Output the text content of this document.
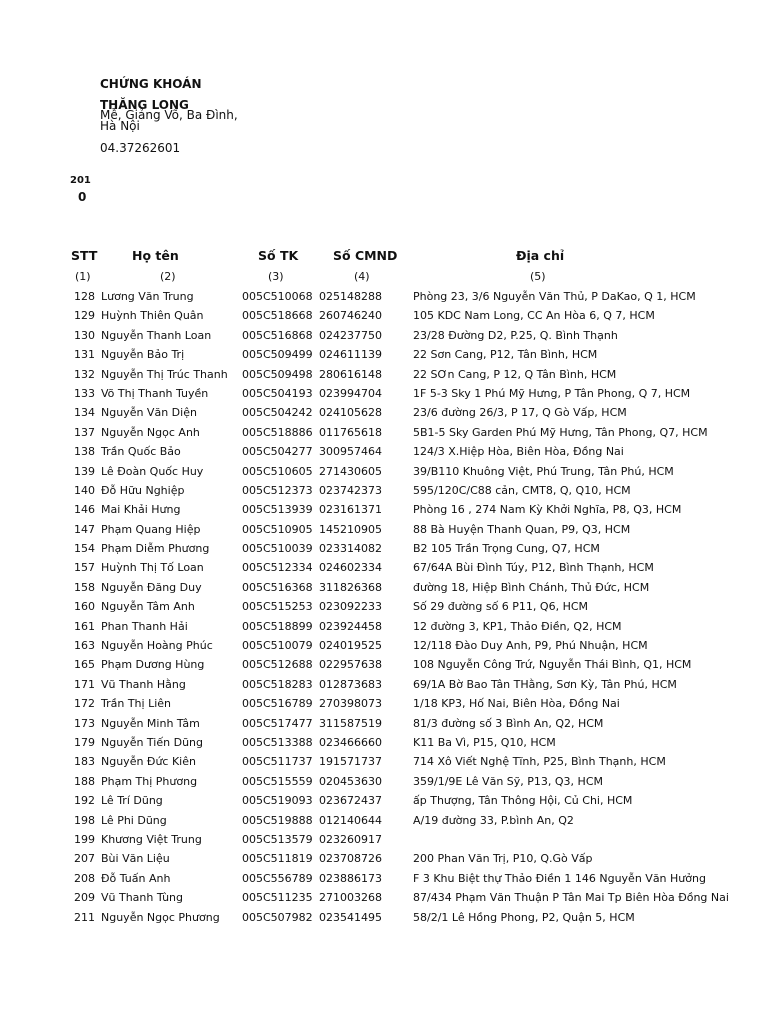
CHỨNG KHOÁN
THĂNG LONG
Mễ, Giảng Võ, Ba Đình,
Hà Nội
04.37262601
201
0
STT	Họ tên	Số TK	Số CMND	Địa chỉ
(1)	(2)	(3)	(4)	(5)
128 Lương Văn Trung	005C510068 025148288	Phòng 23, 3/6 Nguyễn Văn Thủ, P DaKao, Q 1, HCM
129 Huỳnh Thiên Quân	005C518668 260746240	105 KDC Nam Long, CC An Hòa 6, Q 7, HCM
130 Nguyễn Thanh Loan	005C516868 024237750	23/28 Đường D2, P.25, Q. Bình Thạnh
131 Nguyễn Bảo Trị	005C509499 024611139	22 Sơn Cang, P12, Tân Bình, HCM
132 Nguyễn Thị Trúc Thanh	005C509498 280616148	22 SƠn Cang, P 12, Q Tân Bình, HCM
133 Võ Thị Thanh Tuyền	005C504193 023994704	1F 5-3 Sky 1 Phú Mỹ Hưng, P Tân Phong, Q 7, HCM
134 Nguyễn Văn Diện	005C504242 024105628	23/6 đường 26/3, P 17, Q Gò Vấp, HCM
137 Nguyễn Ngọc Anh	005C518886 011765618	5B1-5 Sky Garden Phú Mỹ Hưng, Tân Phong, Q7, HCM
138 Trần Quốc Bảo	005C504277 300957464	124/3 X.Hiệp Hòa, Biên Hòa, Đồng Nai
139 Lê Đoàn Quốc Huy	005C510605 271430605	39/B110 Khuông Việt, Phú Trung, Tân Phú, HCM
140 Đỗ Hữu Nghiệp	005C512373 023742373	595/120C/C88 cản, CMT8, Q, Q10, HCM
146 Mai Khải Hưng	005C513939 023161371	Phòng 16 , 274 Nam Kỳ Khởi Nghĩa, P8, Q3, HCM
147 Phạm Quang Hiệp	005C510905 145210905	88 Bà Huyện Thanh Quan, P9, Q3, HCM
154 Phạm Diễm Phương	005C510039 023314082	B2 105 Trần Trọng Cung, Q7, HCM
157 Huỳnh Thị Tố Loan	005C512334 024602334	67/64A Bùi Đình Túy, P12, Bình Thạnh, HCM
158 Nguyễn Đăng Duy	005C516368 311826368	đường 18, Hiệp Bình Chánh, Thủ Đức, HCM
160 Nguyễn Tâm Anh	005C515253 023092233	Số 29 đường số 6 P11, Q6, HCM
161 Phan Thanh Hải	005C518899 023924458	12 đường 3, KP1, Thảo Điền, Q2, HCM
163 Nguyễn Hoàng Phúc	005C510079 024019525	12/118 Đào Duy Anh, P9, Phú Nhuận, HCM
165 Phạm Dương Hùng	005C512688 022957638	108 Nguyễn Công Trứ, Nguyễn Thái Bình, Q1, HCM
171 Vũ Thanh Hằng	005C518283 012873683	69/1A Bờ Bao Tân THằng, Sơn Kỳ, Tân Phú, HCM
172 Trần Thị Liên	005C516789 270398073	1/18 KP3, Hố Nai, Biên Hòa, Đồng Nai
173 Nguyễn Minh Tâm	005C517477 311587519	81/3 đường số 3 Bình An, Q2, HCM
179 Nguyễn Tiến Dũng	005C513388 023466660	K11 Ba Vì, P15, Q10, HCM
183 Nguyễn Đức Kiên	005C511737 191571737	714 Xô Viết Nghệ Tĩnh, P25, Bình Thạnh, HCM
188 Phạm Thị Phương	005C515559 020453630	359/1/9E Lê Văn Sỹ, P13, Q3, HCM
192 Lê Trí Dũng	005C519093 023672437	ấp Thượng, Tân Thông Hội, Củ Chi, HCM
198 Lê Phi Dũng	005C519888 012140644	A/19 đường 33, P.bình An, Q2
199 Khương Việt Trung	005C513579 023260917
207 Bùi Văn Liệu	005C511819 023708726	200 Phan Văn Trị, P10, Q.Gò Vấp
208 Đỗ Tuấn Anh	005C556789 023886173	F 3 Khu Biệt thự Thảo Điền 1 146 Nguyễn Văn Hưởng
209 Vũ Thanh Tùng	005C511235 271003268	87/434 Phạm Văn Thuận P Tân Mai Tp Biên Hòa Đồng Nai
211 Nguyễn Ngọc Phương	005C507982 023541495	58/2/1 Lê Hồng Phong, P2, Quận 5, HCM
